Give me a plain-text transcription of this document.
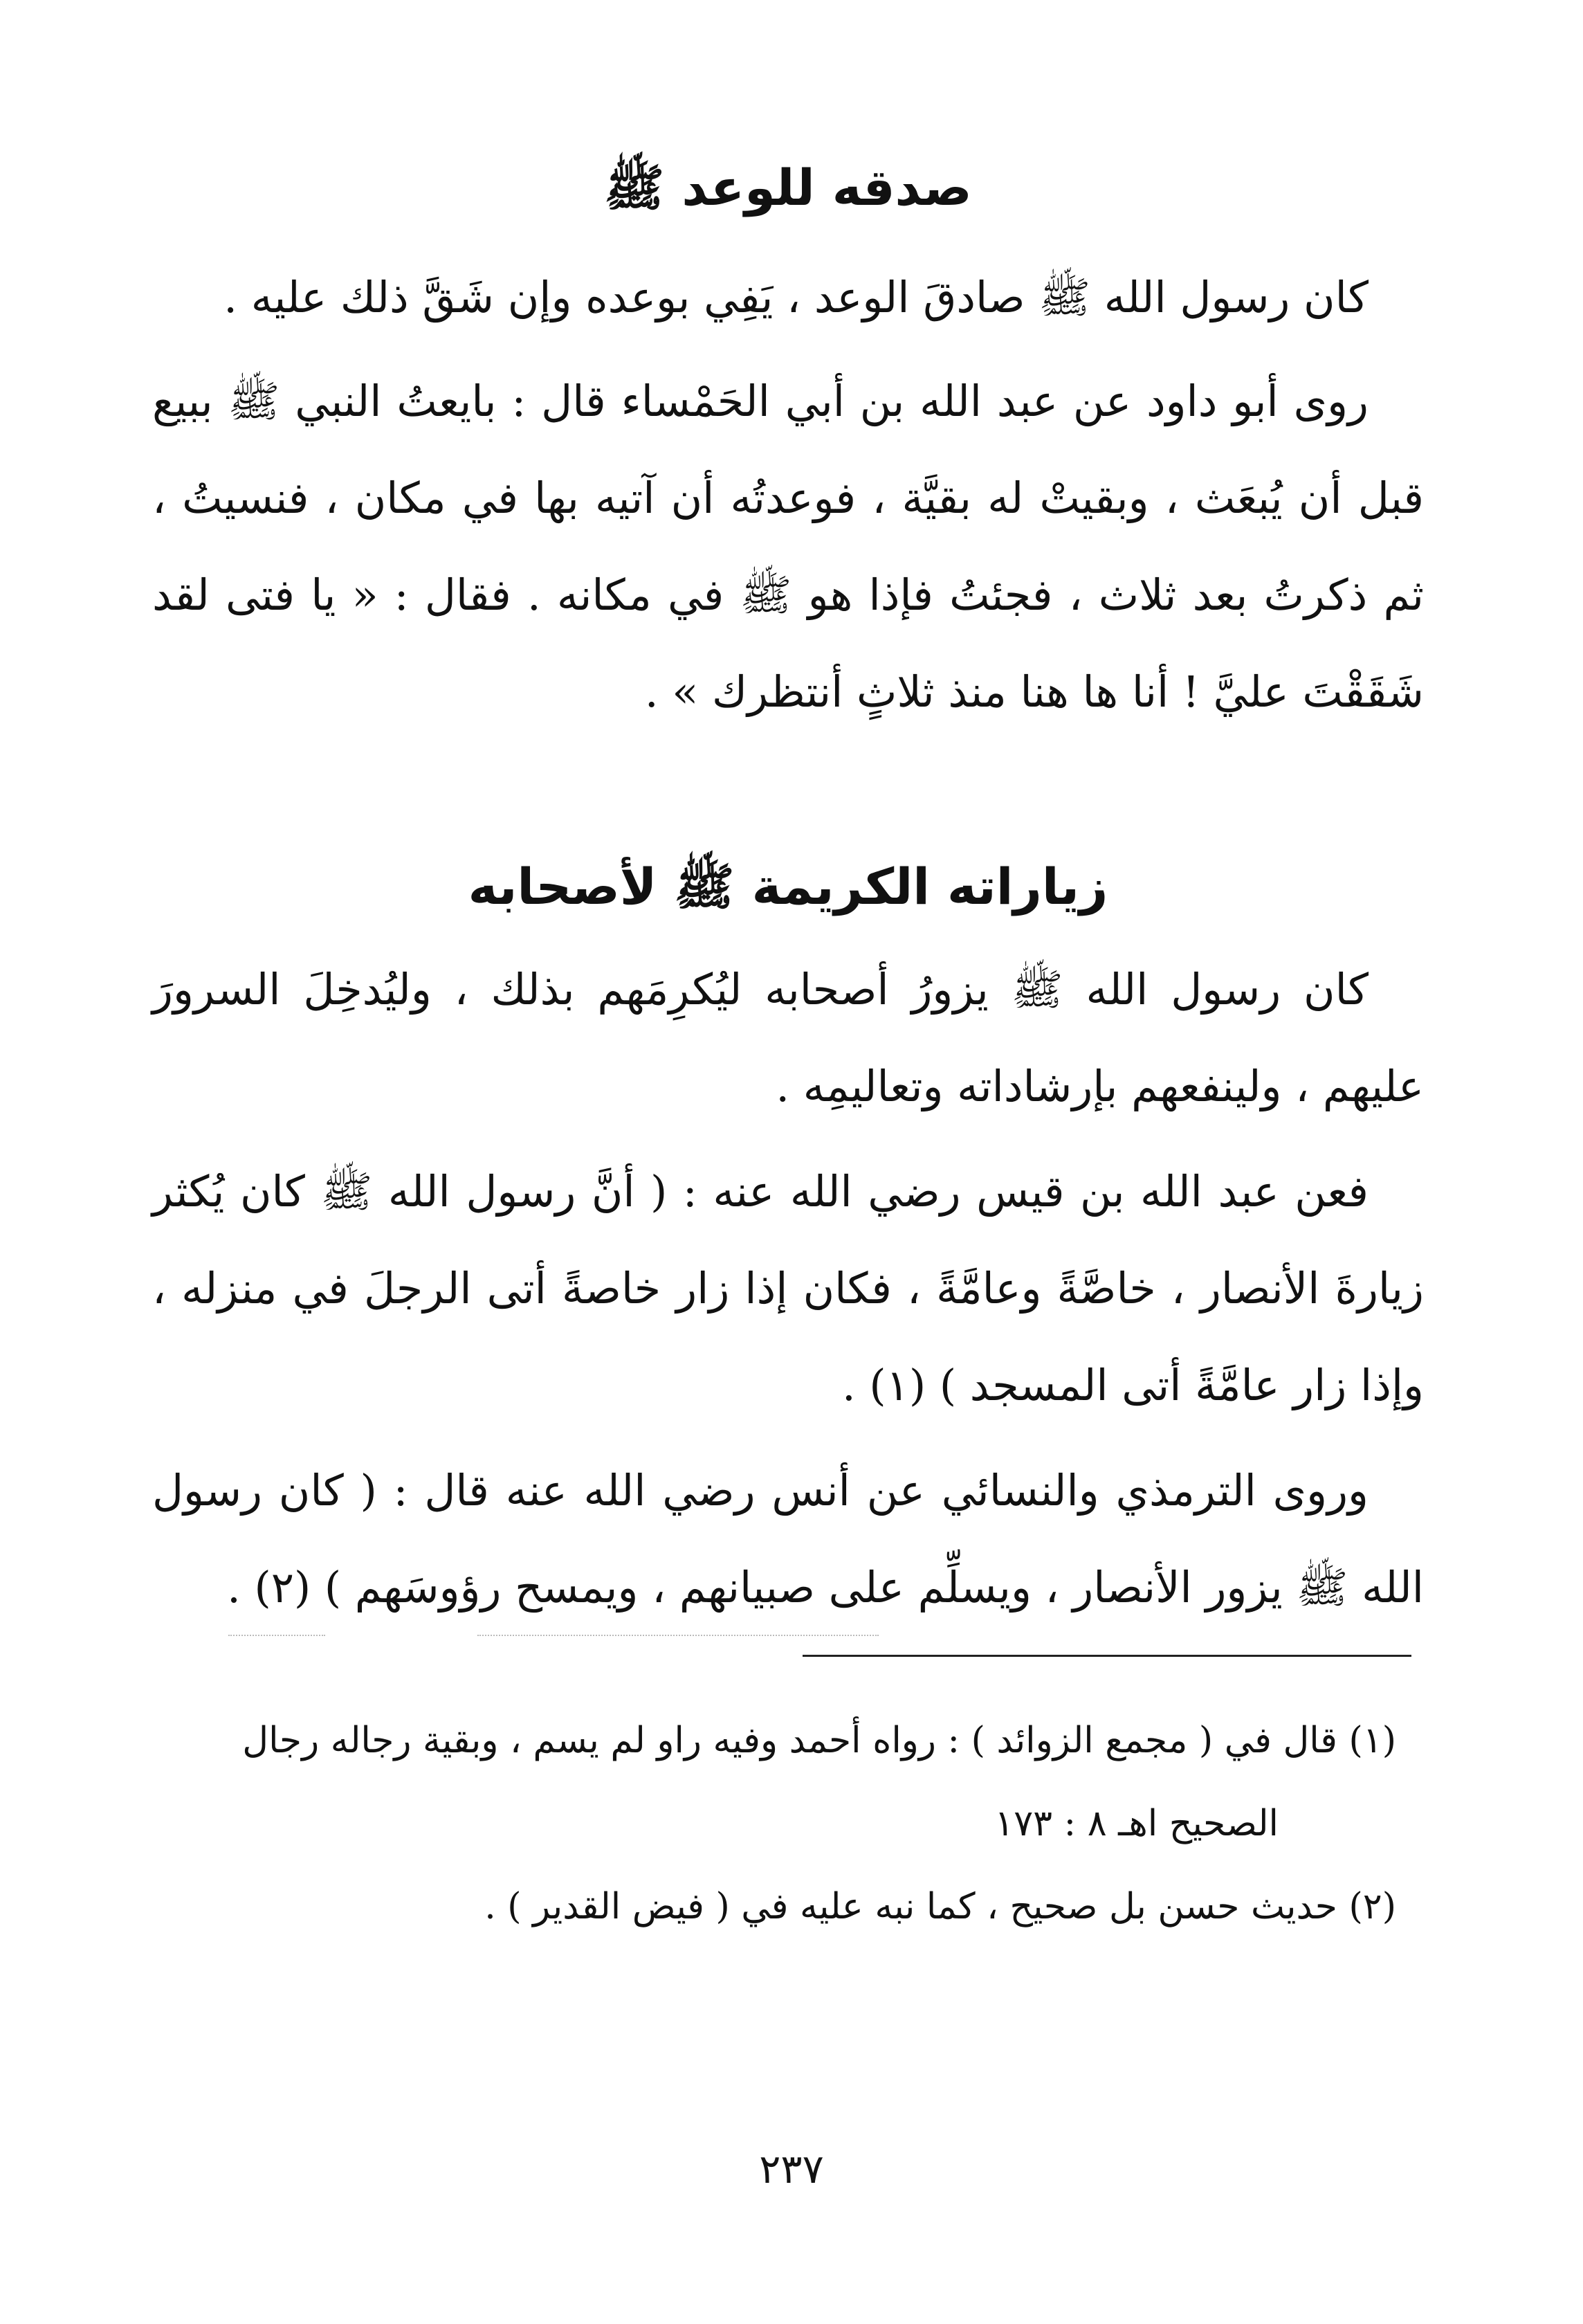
صدقه للوعد ﷺ

كان رسول الله ﷺ صادقَ الوعد ، يَفِي بوعده وإن شَقَّ ذلك عليه .

روى أبو داود عن عبد الله بن أبي الحَمْساء قال : بايعتُ النبي ﷺ ببيع قبل أن يُبعَث ، وبقيتْ له بقيَّة ، فوعدتُه أن آتيه بها في مكان ، فنسيتُ ، ثم ذكرتُ بعد ثلاث ، فجئتُ فإذا هو ﷺ في مكانه . فقال : « يا فتى لقد شَقَقْتَ عليَّ ! أنا ها هنا منذ ثلاثٍ أنتظرك » .

زياراته الكريمة ﷺ لأصحابه

كان رسول الله ﷺ يزورُ أصحابه ليُكرِمَهم بذلك ، وليُدخِلَ السرورَ عليهم ، ولينفعهم بإرشاداته وتعاليمِه .

فعن عبد الله بن قيس رضي الله عنه : ( أنَّ رسول الله ﷺ كان يُكثر زيارةَ الأنصار ، خاصَّةً وعامَّةً ، فكان إذا زار خاصةً أتى الرجلَ في منزله ، وإذا زار عامَّةً أتى المسجد ) (١) .

وروى الترمذي والنسائي عن أنس رضي الله عنه قال : ( كان رسول الله ﷺ يزور الأنصار ، ويسلِّم على صبيانهم ، ويمسح رؤوسَهم ) (٢) .

(١) قال في ( مجمع الزوائد ) : رواه أحمد وفيه راو لم يسم ، وبقية رجاله رجال

الصحيح اهـ ٨ : ١٧٣

(٢) حديث حسن بل صحيح ، كما نبه عليه في ( فيض القدير ) .

٢٣٧
